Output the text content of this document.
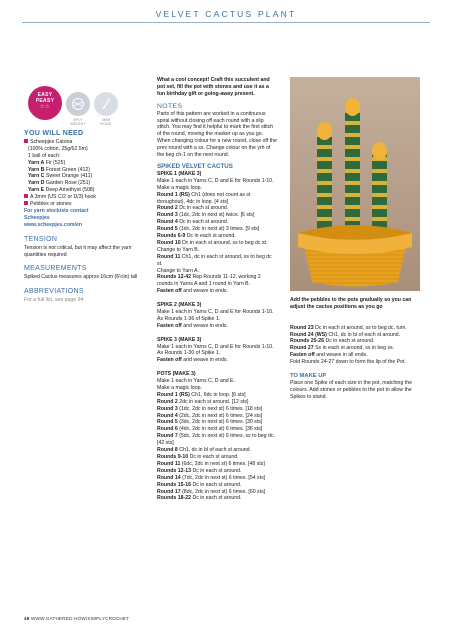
VELVET CACTUS PLANT
EASY
PEASY
☆☆
4PLY
WEIGHT
3MM
HOOK
YOU WILL NEED
Scheepjes Catona
(100% cotton, 25g/62.5m)
1 ball of each:
Yarn A Fir (525)
Yarn B Forest Green (412)
Yarn C Sweet Orange (411)
Yarn D Garden Rose (251)
Yarn E Deep Amethyst (508)
A 3mm (US C/2 or D/3) hook
Pebbles or stones
For yarn stockists contact
Scheepjes
www.scheepjes.com/en
TENSION
Tension is not critical, but it may affect the yarn quantities required
MEASUREMENTS
Spiked Cactus measures approx 16cm (6½in) tall
ABBREVIATIONS
For a full list, see page 94
What a cool concept! Craft this succulent and pot set, fill the pot with stones and use it as a fun birthday gift or going-away present.
NOTES
Parts of this pattern are worked in a continuous spiral without closing off each round with a slip stitch. You may find it helpful to mark the first stitch of the round, moving the marker up as you go. When changing colour for a new round, close off the prev round with a ss. Change colour on the yrh of the beg ch-1 on the next round.
SPIKED VELVET CACTUS
SPIKE 1 (MAKE 3)
Make 1 each in Yarns C, D and E for Rounds 1-10.
Make a magic loop.
Round 1 (RS) Ch1 (does not count as st throughout), 4dc in loop. [4 sts]
Round 2 Dc in each st around.
Round 3 (1dc, 2dc in next st) twice. [6 sts]
Round 4 Dc in each st around.
Round 5 (1dc, 2dc in next st) 3 times. [9 sts]
Rounds 6-9 Dc in each st around.
Round 10 Dc in each st around, ss to beg dc st. Change to Yarn B.
Round 11 Ch1, dc in each st around, ss to beg dc st.
Change to Yarn A.
Rounds 12-42 Rep Rounds 11-12, working 2 rounds in Yarns A and 1 round in Yarn B.
Fasten off and weave in ends.
SPIKE 2 (MAKE 3)
Make 1 each in Yarns C, D and E for Rounds 1-10.
As Rounds 1-36 of Spike 1.
Fasten off and weave in ends.
SPIKE 3 (MAKE 3)
Make 1 each in Yarns C, D and E for Rounds 1-10.
As Rounds 1-30 of Spike 1.
Fasten off and weave in ends.
POTS (MAKE 3)
Make 1 each in Yarns C, D and E.
Make a magic loop.
Round 1 (RS) Ch1, 6dc in loop. [6 sts]
Round 2 2dc in each st around. [12 sts]
Round 3 (1dc, 2dc in next st) 6 times. [18 sts]
Round 4 (2dc, 2dc in next st) 6 times. [24 sts]
Round 5 (3dc, 2dc in next st) 6 times. [30 sts]
Round 6 (4dc, 2dc in next st) 6 times. [36 sts]
Round 7 (5dc, 2dc in next st) 6 times, ss to beg dc. [42 sts]
Round 8 Ch1, dc in bl of each st around.
Rounds 9-10 Dc in each st around.
Round 11 (6dc, 2dc in next st) 6 times. [48 sts]
Rounds 12-13 Dc in each st around.
Round 14 (7dc, 2dc in next st) 6 times. [54 sts]
Rounds 15-16 Dc in each st around.
Round 17 (8dc, 2dc in next st) 6 times. [60 sts]
Rounds 18-22 Dc in each st around.
Add the pebbles to the pots gradually so you can adjust the cactus positions as you go
Round 23 Dc in each st around, ss to beg dc, turn.
Round 24 (WS) Ch1, dc in bl of each st around.
Rounds 25-26 Dc in each st around.
Round 27 Ss in each st around, ss in beg ss.
Fasten off and weave in all ends.
Fold Rounds 24-27 down to form the lip of the Pot.
TO MAKE UP
Place one Spike of each size in the pot, matching the colours. Add stones or pebbles to the pot to allow the Spikes to stand.
48 WWW.GATHERED.HOW/SIMPLYCROCHET
